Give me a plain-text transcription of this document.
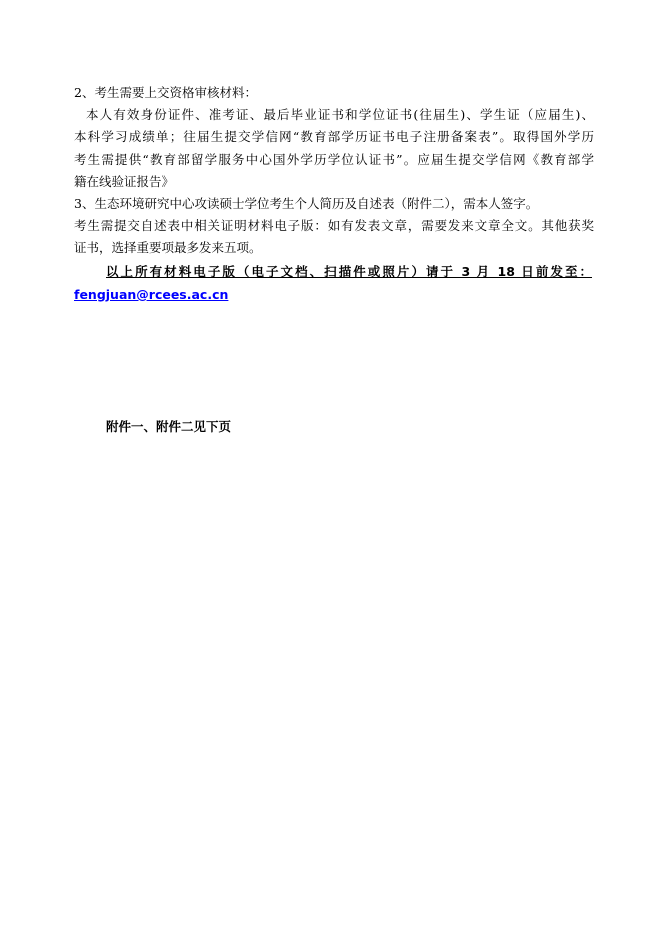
2、考生需要上交资格审核材料：
本人有效身份证件、准考证、最后毕业证书和学位证书(往届生)、学生证（应届生)、
本科学习成绩单；往届生提交学信网“教育部学历证书电子注册备案表”。取得国外学历
考生需提供“教育部留学服务中心国外学历学位认证书”。应届生提交学信网《教育部学
籍在线验证报告》
3、生态环境研究中心攻读硕士学位考生个人简历及自述表（附件二），需本人签字。
考生需提交自述表中相关证明材料电子版：如有发表文章，需要发来文章全文。其他获奖
证书，选择重要项最多发来五项。
以上所有材料电子版（电子文档、扫描件或照片）请于 3 月 18 日前发至：
fengjuan@rcees.ac.cn
附件一、附件二见下页
